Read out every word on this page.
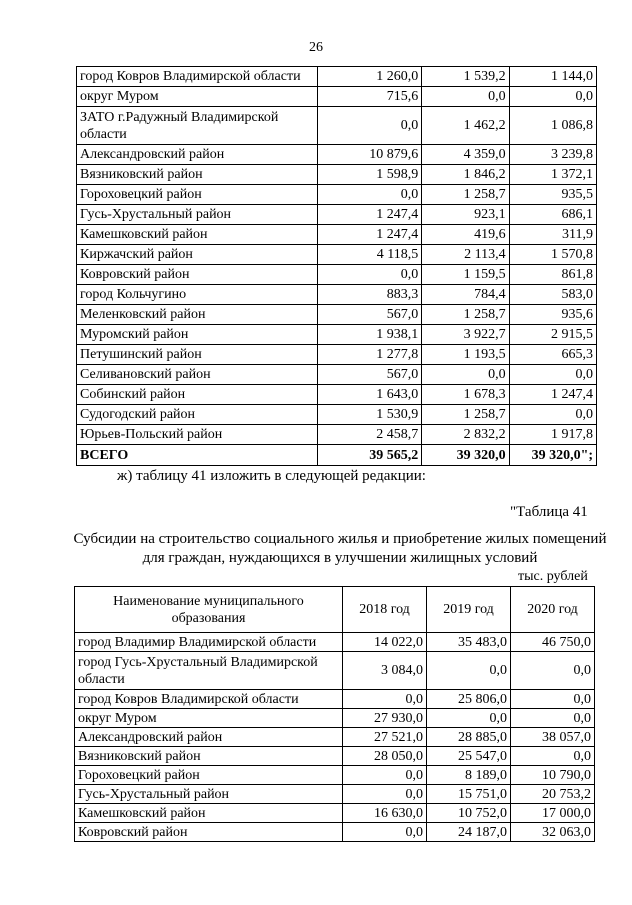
26
город Ковров Владимирской области	1 260,0	1 539,2	1 144,0
округ Муром	715,6	0,0	0,0
ЗАТО г.Радужный Владимирской области	0,0	1 462,2	1 086,8
Александровский район	10 879,6	4 359,0	3 239,8
Вязниковский район	1 598,9	1 846,2	1 372,1
Гороховецкий район	0,0	1 258,7	935,5
Гусь-Хрустальный район	1 247,4	923,1	686,1
Камешковский район	1 247,4	419,6	311,9
Киржачский район	4 118,5	2 113,4	1 570,8
Ковровский район	0,0	1 159,5	861,8
город Кольчугино	883,3	784,4	583,0
Меленковский район	567,0	1 258,7	935,6
Муромский район	1 938,1	3 922,7	2 915,5
Петушинский район	1 277,8	1 193,5	665,3
Селивановский район	567,0	0,0	0,0
Собинский район	1 643,0	1 678,3	1 247,4
Судогодский район	1 530,9	1 258,7	0,0
Юрьев-Польский район	2 458,7	2 832,2	1 917,8
ВСЕГО	39 565,2	39 320,0	39 320,0";
ж) таблицу 41 изложить в следующей редакции:
"Таблица 41
Субсидии на строительство социального жилья и приобретение жилых помещений для граждан, нуждающихся в улучшении жилищных условий
тыс. рублей
Наименование муниципального образования	2018 год	2019 год	2020 год
город Владимир Владимирской области	14 022,0	35 483,0	46 750,0
город Гусь-Хрустальный Владимирской области	3 084,0	0,0	0,0
город Ковров Владимирской области	0,0	25 806,0	0,0
округ Муром	27 930,0	0,0	0,0
Александровский район	27 521,0	28 885,0	38 057,0
Вязниковский район	28 050,0	25 547,0	0,0
Гороховецкий район	0,0	8 189,0	10 790,0
Гусь-Хрустальный район	0,0	15 751,0	20 753,2
Камешковский район	16 630,0	10 752,0	17 000,0
Ковровский район	0,0	24 187,0	32 063,0
